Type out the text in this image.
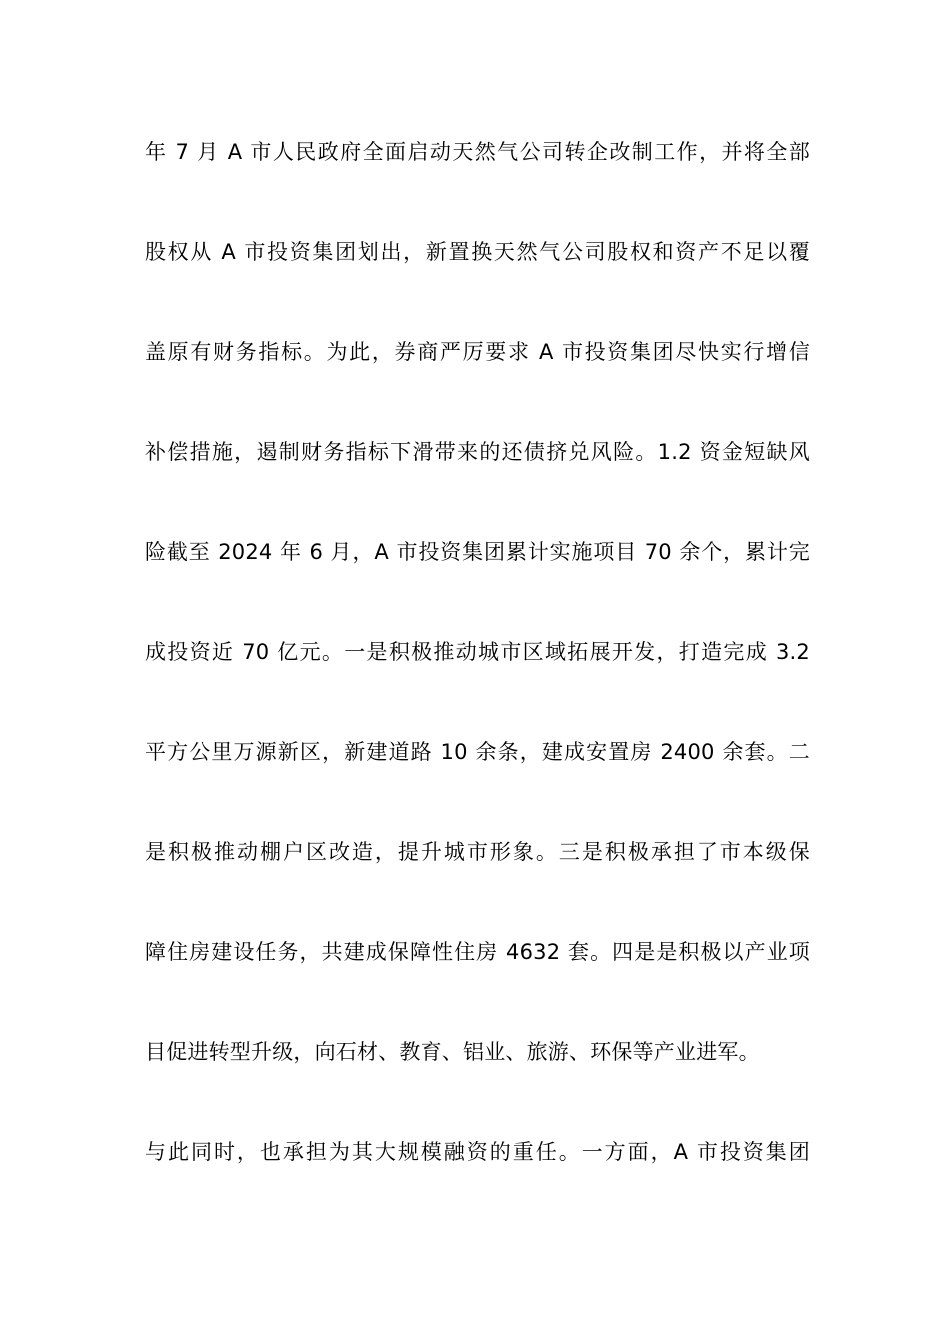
年 7 月 A 市人民政府全面启动天然气公司转企改制工作，并将全部
股权从 A 市投资集团划出，新置换天然气公司股权和资产不足以覆
盖原有财务指标。为此，券商严厉要求 A 市投资集团尽快实行增信
补偿措施，遏制财务指标下滑带来的还债挤兑风险。1.2 资金短缺风
险截至 2024 年 6 月，A 市投资集团累计实施项目 70 余个，累计完
成投资近 70 亿元。一是积极推动城市区域拓展开发，打造完成 3.2
平方公里万源新区，新建道路 10 余条，建成安置房 2400 余套。二
是积极推动棚户区改造，提升城市形象。三是积极承担了市本级保
障住房建设任务，共建成保障性住房 4632 套。四是是积极以产业项
目促进转型升级，向石材、教育、铝业、旅游、环保等产业进军。
与此同时，也承担为其大规模融资的重任。一方面，A 市投资集团
